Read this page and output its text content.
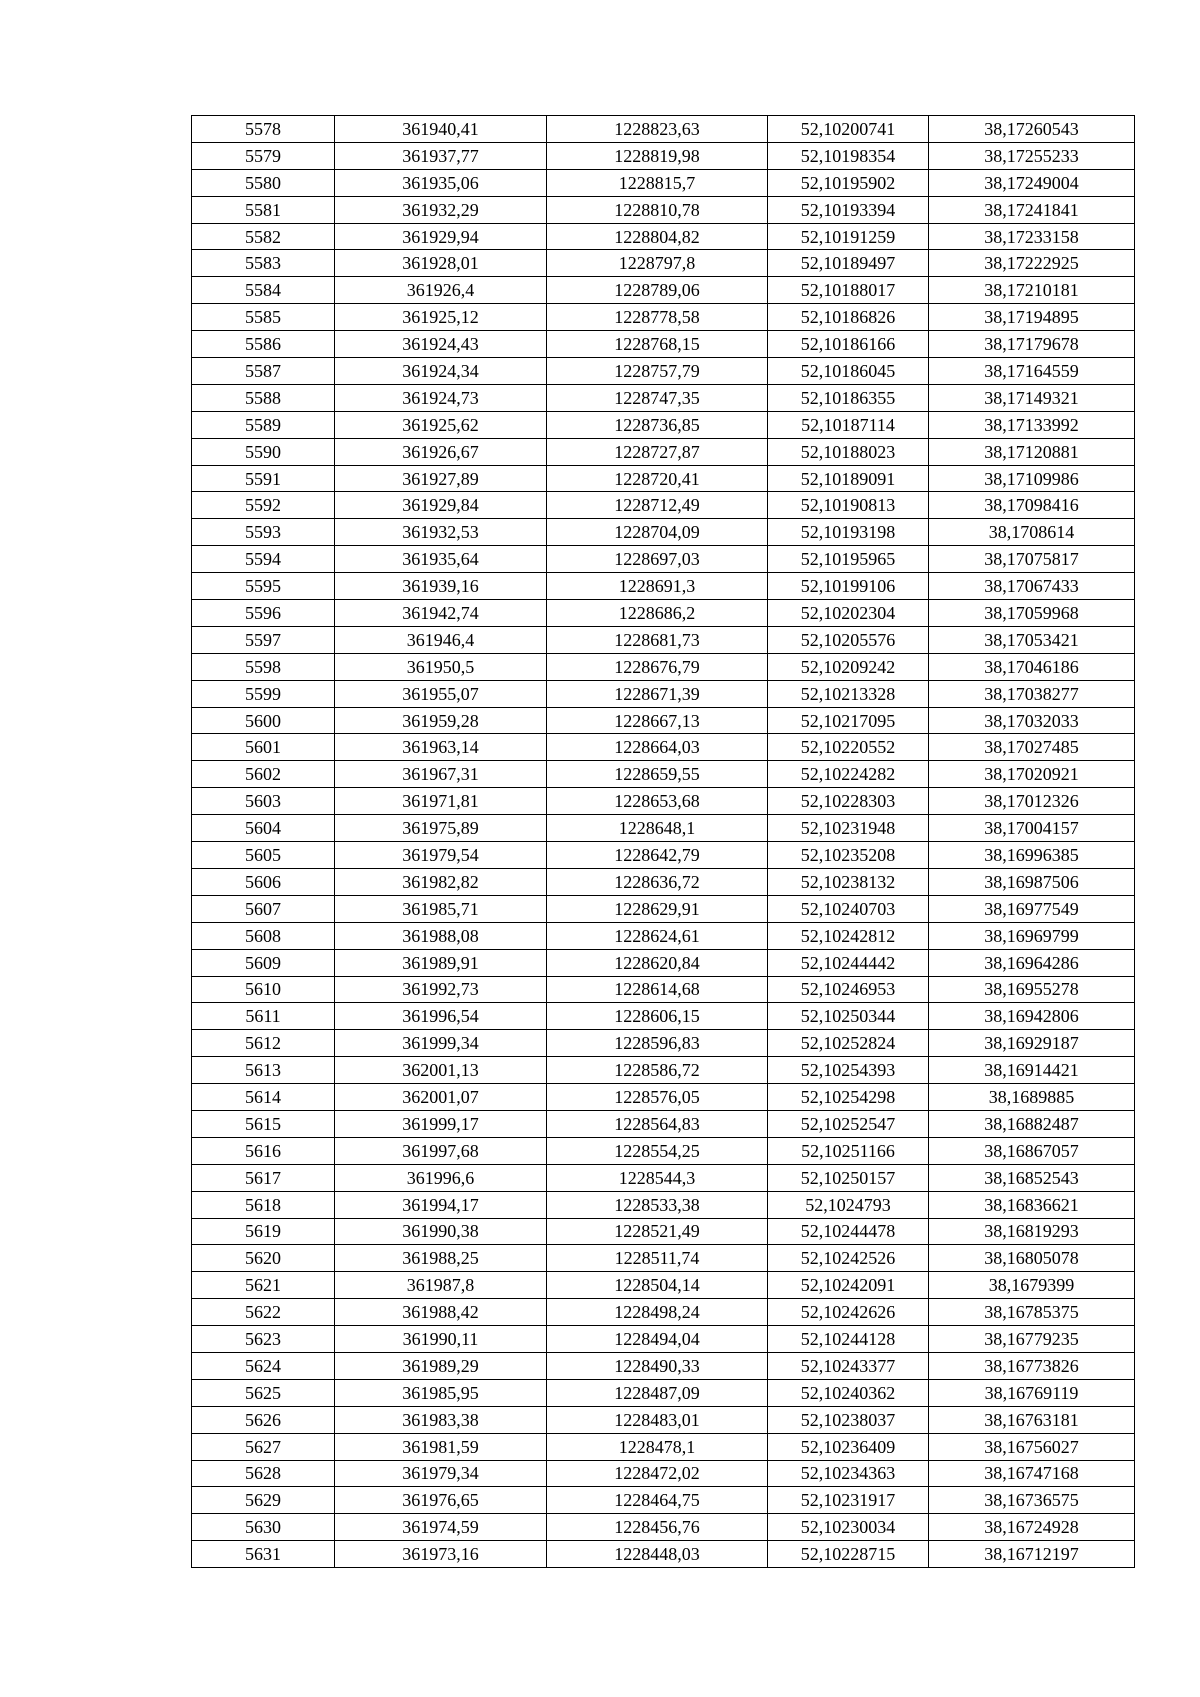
5578	361940,41	1228823,63	52,10200741	38,17260543
5579	361937,77	1228819,98	52,10198354	38,17255233
5580	361935,06	1228815,7	52,10195902	38,17249004
5581	361932,29	1228810,78	52,10193394	38,17241841
5582	361929,94	1228804,82	52,10191259	38,17233158
5583	361928,01	1228797,8	52,10189497	38,17222925
5584	361926,4	1228789,06	52,10188017	38,17210181
5585	361925,12	1228778,58	52,10186826	38,17194895
5586	361924,43	1228768,15	52,10186166	38,17179678
5587	361924,34	1228757,79	52,10186045	38,17164559
5588	361924,73	1228747,35	52,10186355	38,17149321
5589	361925,62	1228736,85	52,10187114	38,17133992
5590	361926,67	1228727,87	52,10188023	38,17120881
5591	361927,89	1228720,41	52,10189091	38,17109986
5592	361929,84	1228712,49	52,10190813	38,17098416
5593	361932,53	1228704,09	52,10193198	38,1708614
5594	361935,64	1228697,03	52,10195965	38,17075817
5595	361939,16	1228691,3	52,10199106	38,17067433
5596	361942,74	1228686,2	52,10202304	38,17059968
5597	361946,4	1228681,73	52,10205576	38,17053421
5598	361950,5	1228676,79	52,10209242	38,17046186
5599	361955,07	1228671,39	52,10213328	38,17038277
5600	361959,28	1228667,13	52,10217095	38,17032033
5601	361963,14	1228664,03	52,10220552	38,17027485
5602	361967,31	1228659,55	52,10224282	38,17020921
5603	361971,81	1228653,68	52,10228303	38,17012326
5604	361975,89	1228648,1	52,10231948	38,17004157
5605	361979,54	1228642,79	52,10235208	38,16996385
5606	361982,82	1228636,72	52,10238132	38,16987506
5607	361985,71	1228629,91	52,10240703	38,16977549
5608	361988,08	1228624,61	52,10242812	38,16969799
5609	361989,91	1228620,84	52,10244442	38,16964286
5610	361992,73	1228614,68	52,10246953	38,16955278
5611	361996,54	1228606,15	52,10250344	38,16942806
5612	361999,34	1228596,83	52,10252824	38,16929187
5613	362001,13	1228586,72	52,10254393	38,16914421
5614	362001,07	1228576,05	52,10254298	38,1689885
5615	361999,17	1228564,83	52,10252547	38,16882487
5616	361997,68	1228554,25	52,10251166	38,16867057
5617	361996,6	1228544,3	52,10250157	38,16852543
5618	361994,17	1228533,38	52,1024793	38,16836621
5619	361990,38	1228521,49	52,10244478	38,16819293
5620	361988,25	1228511,74	52,10242526	38,16805078
5621	361987,8	1228504,14	52,10242091	38,1679399
5622	361988,42	1228498,24	52,10242626	38,16785375
5623	361990,11	1228494,04	52,10244128	38,16779235
5624	361989,29	1228490,33	52,10243377	38,16773826
5625	361985,95	1228487,09	52,10240362	38,16769119
5626	361983,38	1228483,01	52,10238037	38,16763181
5627	361981,59	1228478,1	52,10236409	38,16756027
5628	361979,34	1228472,02	52,10234363	38,16747168
5629	361976,65	1228464,75	52,10231917	38,16736575
5630	361974,59	1228456,76	52,10230034	38,16724928
5631	361973,16	1228448,03	52,10228715	38,16712197
